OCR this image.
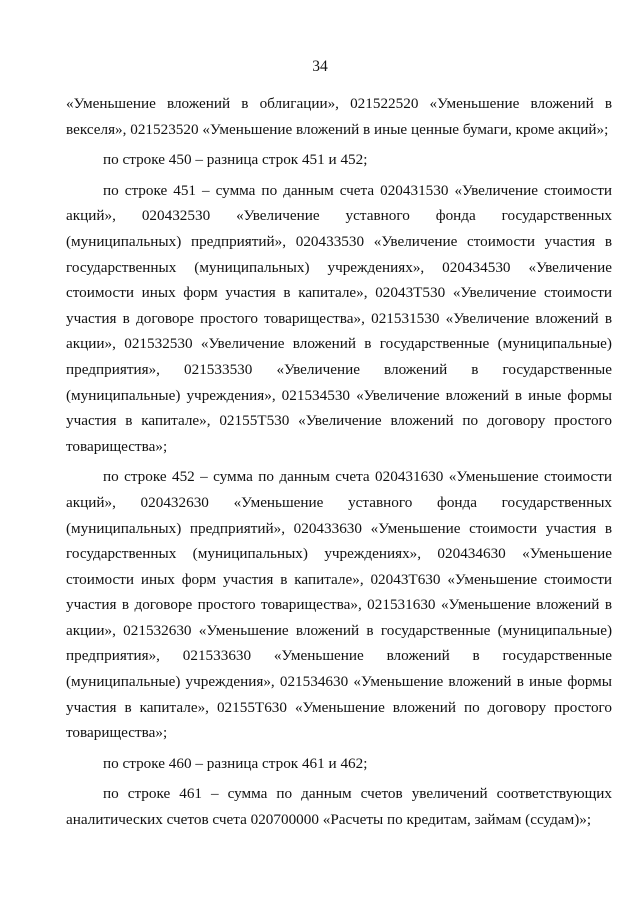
34

«Уменьшение вложений в облигации», 021522520 «Уменьшение вложений в векселя», 021523520 «Уменьшение вложений в иные ценные бумаги, кроме акций»;

по строке 450 – разница строк 451 и 452;

по строке 451 – сумма по данным счета 020431530 «Увеличение стоимости акций», 020432530 «Увеличение уставного фонда государственных (муниципальных) предприятий», 020433530 «Увеличение стоимости участия в государственных (муниципальных) учреждениях», 020434530 «Увеличение стоимости иных форм участия в капитале», 02043Т530 «Увеличение стоимости участия в договоре простого товарищества», 021531530 «Увеличение вложений в акции», 021532530 «Увеличение вложений в государственные (муниципальные) предприятия», 021533530 «Увеличение вложений в государственные (муниципальные) учреждения», 021534530 «Увеличение вложений в иные формы участия в капитале», 02155Т530 «Увеличение вложений по договору простого товарищества»;

по строке 452 – сумма по данным счета 020431630 «Уменьшение стоимости акций», 020432630 «Уменьшение уставного фонда государственных (муниципальных) предприятий», 020433630 «Уменьшение стоимости участия в государственных (муниципальных) учреждениях», 020434630 «Уменьшение стоимости иных форм участия в капитале», 02043Т630 «Уменьшение стоимости участия в договоре простого товарищества», 021531630 «Уменьшение вложений в акции», 021532630 «Уменьшение вложений в государственные (муниципальные) предприятия», 021533630 «Уменьшение вложений в государственные (муниципальные) учреждения», 021534630 «Уменьшение вложений в иные формы участия в капитале», 02155Т630 «Уменьшение вложений по договору простого товарищества»;

по строке 460 – разница строк 461 и 462;

по строке 461 – сумма по данным счетов увеличений соответствующих аналитических счетов счета 020700000 «Расчеты по кредитам, займам (ссудам)»;
